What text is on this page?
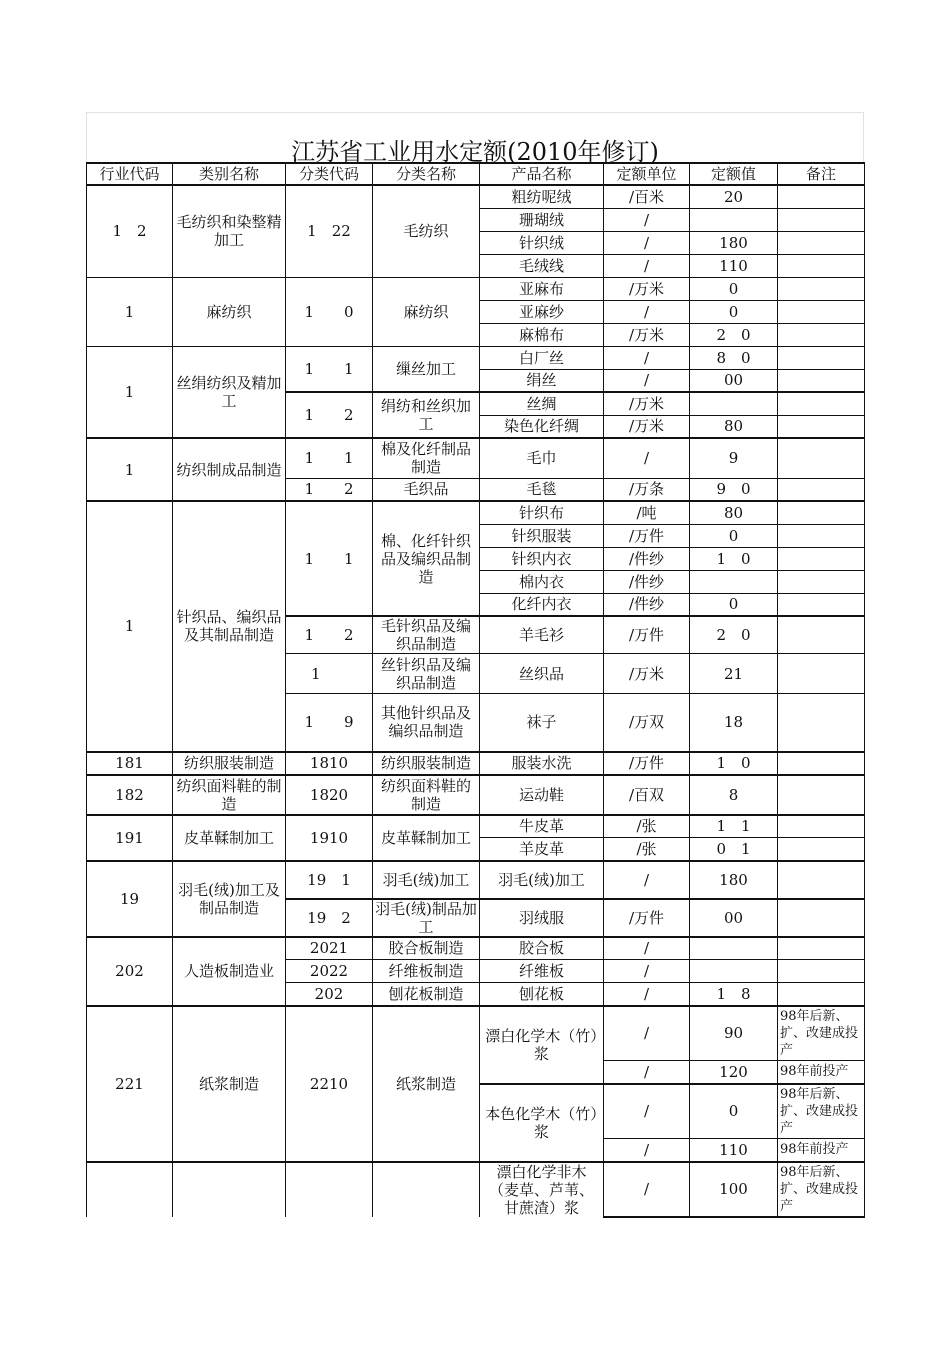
江苏省工业用水定额(2010年修订)
行业代码	类别名称	分类代码	分类名称	产品名称	定额单位	定额值	备注
1　2	毛纺织和染整精加工	1　22	毛纺织	粗纺呢绒	/百米	20	
				珊瑚绒	/		
				针织绒	/	180	
				毛绒线	/	110	
1	麻纺织	1　　0	麻纺织	亚麻布	/万米	0	
				亚麻纱	/	0	
				麻棉布	/万米	2　0	
1	丝绢纺织及精加工	1　　1	缫丝加工	白厂丝	/	8　0	
				绢丝	/	00	
		1　　2	绢纺和丝织加工	丝绸	/万米		
				染色化纤绸	/万米	80	
1	纺织制成品制造	1　　1	棉及化纤制品制造	毛巾	/	9	
		1　　2	毛织品	毛毯	/万条	9　0	
1	针织品、编织品及其制品制造	1　　1	棉、化纤针织品及编织品制造	针织布	/吨	80	
				针织服装	/万件	0	
				针织内衣	/件纱	1　0	
				棉内衣	/件纱		
				化纤内衣	/件纱	0	
		1　　2	毛针织品及编织品制造	羊毛衫	/万件	2　0	
		1	丝针织品及编织品制造	丝织品	/万米	21	
		1　　9	其他针织品及编织品制造	袜子	/万双	18	
181	纺织服装制造	1810	纺织服装制造	服装水洗	/万件	1　0	
182	纺织面料鞋的制造	1820	纺织面料鞋的制造	运动鞋	/百双	8	
191	皮革鞣制加工	1910	皮革鞣制加工	牛皮革	/张	1　1	
				羊皮革	/张	0　1	
19	羽毛(绒)加工及制品制造	19　1	羽毛(绒)加工	羽毛(绒)加工	/	180	
		19　2	羽毛(绒)制品加工	羽绒服	/万件	00	
202	人造板制造业	2021	胶合板制造	胶合板	/		
		2022	纤维板制造	纤维板	/		
		202	刨花板制造	刨花板	/	1　8	
221	纸浆制造	2210	纸浆制造	漂白化学木（竹）浆	/	90	98年后新、扩、改建成投产
					/	120	98年前投产
				本色化学木（竹）浆	/	0	98年后新、扩、改建成投产
					/	110	98年前投产
				漂白化学非木（麦草、芦苇、甘蔗渣）浆	/	100	98年后新、扩、改建成投产
